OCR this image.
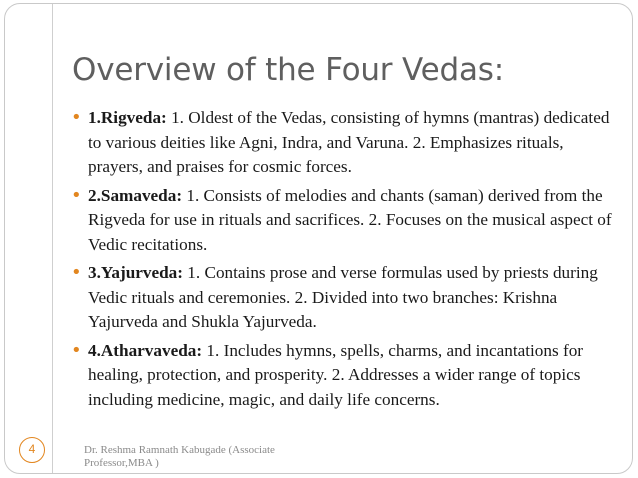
Overview of the Four Vedas:
• 1.Rigveda: 1. Oldest of the Vedas, consisting of hymns (mantras) dedicated to various deities like Agni, Indra, and Varuna. 2. Emphasizes rituals, prayers, and praises for cosmic forces.
• 2.Samaveda: 1. Consists of melodies and chants (saman) derived from the Rigveda for use in rituals and sacrifices. 2. Focuses on the musical aspect of Vedic recitations.
• 3.Yajurveda: 1. Contains prose and verse formulas used by priests during Vedic rituals and ceremonies. 2. Divided into two branches: Krishna Yajurveda and Shukla Yajurveda.
• 4.Atharvaveda: 1. Includes hymns, spells, charms, and incantations for healing, protection, and prosperity. 2. Addresses a wider range of topics including medicine, magic, and daily life concerns.
4	Dr. Reshma Ramnath Kabugade (Associate Professor,MBA )
